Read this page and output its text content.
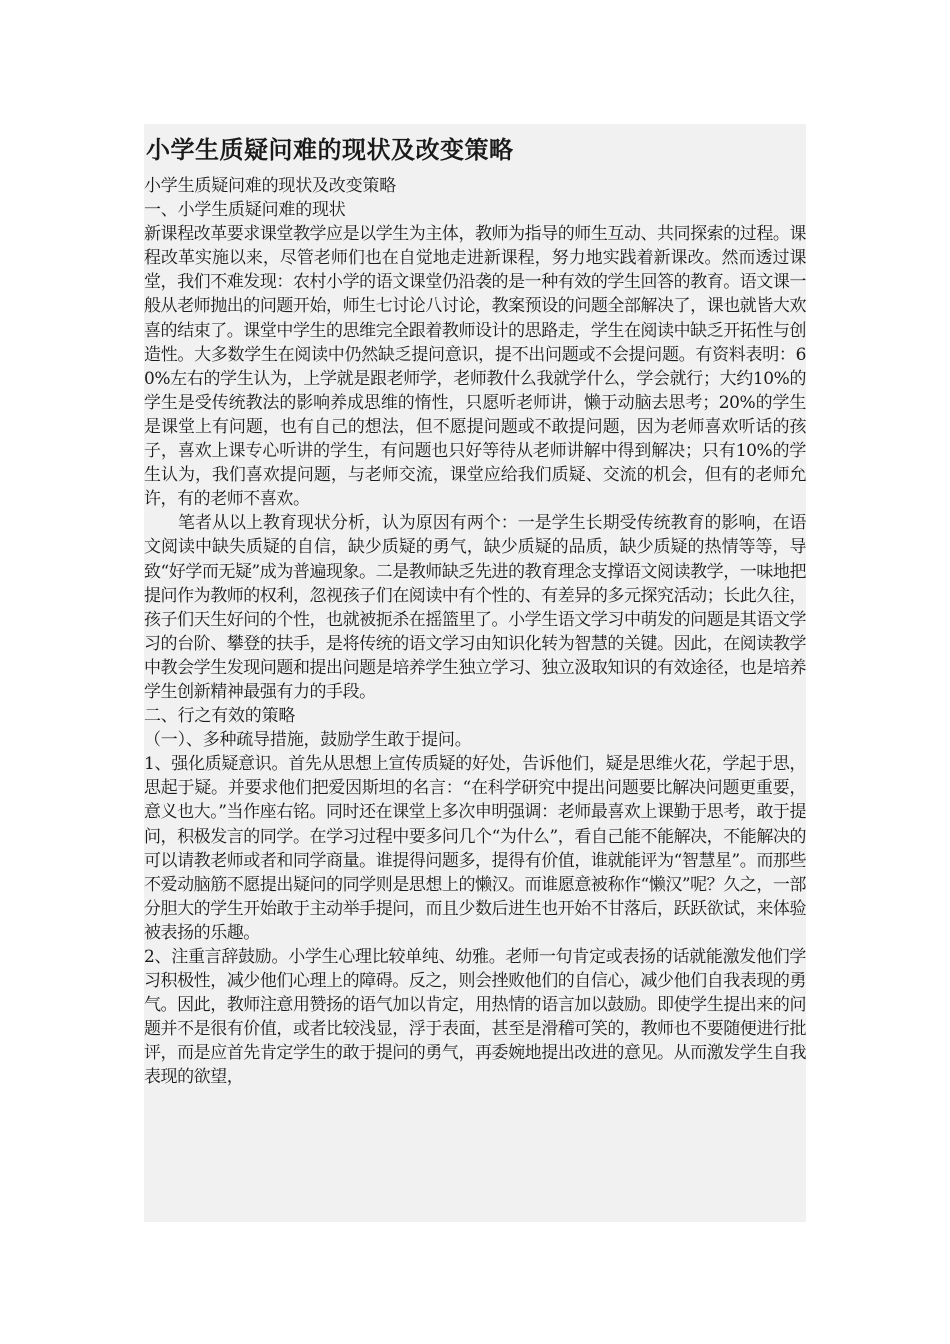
小学生质疑问难的现状及改变策略

小学生质疑问难的现状及改变策略

一、小学生质疑问难的现状

新课程改革要求课堂教学应是以学生为主体，教师为指导的师生互动、共同探索的过程。课程改革实施以来，尽管老师们也在自觉地走进新课程，努力地实践着新课改。然而透过课堂，我们不难发现：农村小学的语文课堂仍沿袭的是一种有效的学生回答的教育。语文课一般从老师抛出的问题开始，师生七讨论八讨论，教案预设的问题全部解决了，课也就皆大欢喜的结束了。课堂中学生的思维完全跟着教师设计的思路走，学生在阅读中缺乏开拓性与创造性。大多数学生在阅读中仍然缺乏提问意识，提不出问题或不会提问题。有资料表明：60%左右的学生认为，上学就是跟老师学，老师教什么我就学什么，学会就行；大约10%的学生是受传统教法的影响养成思维的惰性，只愿听老师讲，懒于动脑去思考；20%的学生是课堂上有问题，也有自己的想法，但不愿提问题或不敢提问题，因为老师喜欢听话的孩子，喜欢上课专心听讲的学生，有问题也只好等待从老师讲解中得到解决；只有10%的学生认为，我们喜欢提问题，与老师交流，课堂应给我们质疑、交流的机会，但有的老师允许，有的老师不喜欢。

笔者从以上教育现状分析，认为原因有两个：一是学生长期受传统教育的影响，在语文阅读中缺失质疑的自信，缺少质疑的勇气，缺少质疑的品质，缺少质疑的热情等等，导致“好学而无疑”成为普遍现象。二是教师缺乏先进的教育理念支撑语文阅读教学，一味地把提问作为教师的权利，忽视孩子们在阅读中有个性的、有差异的多元探究活动；长此久往，孩子们天生好问的个性，也就被扼杀在摇篮里了。小学生语文学习中萌发的问题是其语文学习的台阶、攀登的扶手，是将传统的语文学习由知识化转为智慧的关键。因此，在阅读教学中教会学生发现问题和提出问题是培养学生独立学习、独立汲取知识的有效途径，也是培养学生创新精神最强有力的手段。

二、行之有效的策略

（一）、多种疏导措施，鼓励学生敢于提问。

1、强化质疑意识。首先从思想上宣传质疑的好处，告诉他们，疑是思维火花，学起于思，思起于疑。并要求他们把爱因斯坦的名言：“在科学研究中提出问题要比解决问题更重要，意义也大。”当作座右铭。同时还在课堂上多次申明强调：老师最喜欢上课勤于思考，敢于提问，积极发言的同学。在学习过程中要多问几个“为什么”，看自己能不能解决，不能解决的可以请教老师或者和同学商量。谁提得问题多，提得有价值，谁就能评为“智慧星”。而那些不爱动脑筋不愿提出疑问的同学则是思想上的懒汉。而谁愿意被称作“懒汉”呢？久之，一部分胆大的学生开始敢于主动举手提问，而且少数后进生也开始不甘落后，跃跃欲试，来体验被表扬的乐趣。

2、注重言辞鼓励。小学生心理比较单纯、幼雅。老师一句肯定或表扬的话就能激发他们学习积极性，减少他们心理上的障碍。反之，则会挫败他们的自信心，减少他们自我表现的勇气。因此，教师注意用赞扬的语气加以肯定，用热情的语言加以鼓励。即使学生提出来的问题并不是很有价值，或者比较浅显，浮于表面，甚至是滑稽可笑的，教师也不要随便进行批评，而是应首先肯定学生的敢于提问的勇气，再委婉地提出改进的意见。从而激发学生自我表现的欲望，
